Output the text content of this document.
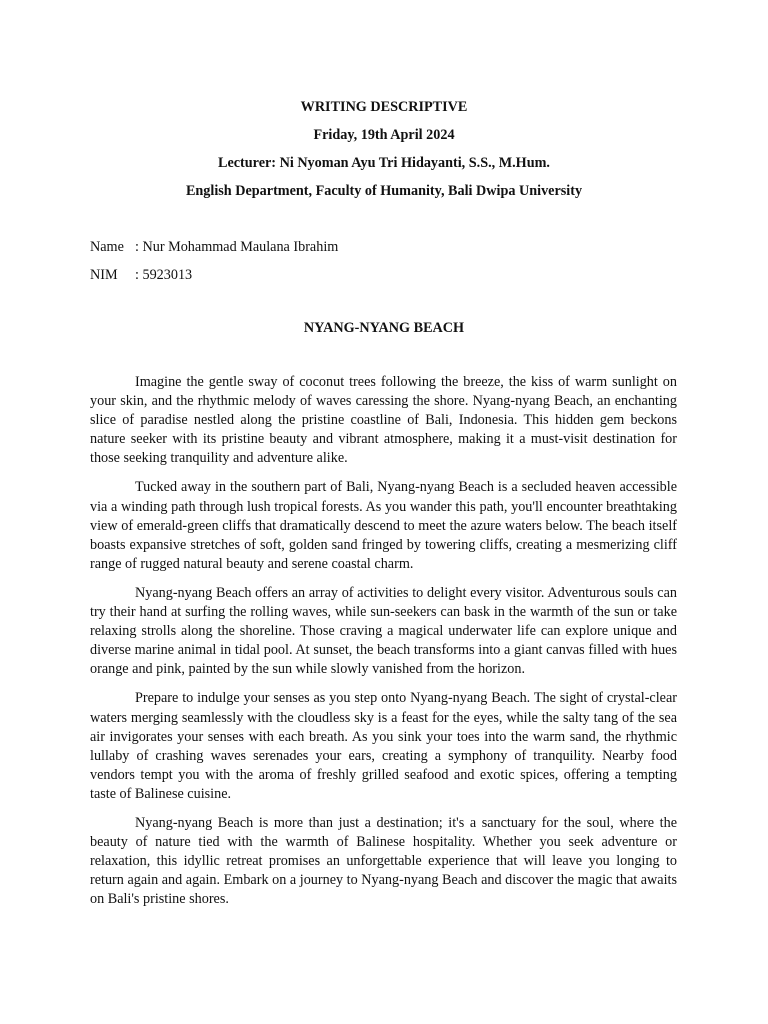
WRITING DESCRIPTIVE

Friday, 19th April 2024

Lecturer: Ni Nyoman Ayu Tri Hidayanti, S.S., M.Hum.

English Department, Faculty of Humanity, Bali Dwipa University

Name : Nur Mohammad Maulana Ibrahim
NIM	: 5923013
NYANG-NYANG BEACH

Imagine the gentle sway of coconut trees following the breeze, the kiss of warm sunlight on your skin, and the rhythmic melody of waves caressing the shore. Nyang-nyang Beach, an enchanting slice of paradise nestled along the pristine coastline of Bali, Indonesia. This hidden gem beckons nature seeker with its pristine beauty and vibrant atmosphere, making it a must-visit destination for those seeking tranquility and adventure alike.

Tucked away in the southern part of Bali, Nyang-nyang Beach is a secluded heaven accessible via a winding path through lush tropical forests. As you wander this path, you'll encounter breathtaking view of emerald-green cliffs that dramatically descend to meet the azure waters below. The beach itself boasts expansive stretches of soft, golden sand fringed by towering cliffs, creating a mesmerizing cliff range of rugged natural beauty and serene coastal charm.

Nyang-nyang Beach offers an array of activities to delight every visitor. Adventurous souls can try their hand at surfing the rolling waves, while sun-seekers can bask in the warmth of the sun or take relaxing strolls along the shoreline. Those craving a magical underwater life can explore unique and diverse marine animal in tidal pool. At sunset, the beach transforms into a giant canvas filled with hues orange and pink, painted by the sun while slowly vanished from the horizon.

Prepare to indulge your senses as you step onto Nyang-nyang Beach. The sight of crystal-clear waters merging seamlessly with the cloudless sky is a feast for the eyes, while the salty tang of the sea air invigorates your senses with each breath. As you sink your toes into the warm sand, the rhythmic lullaby of crashing waves serenades your ears, creating a symphony of tranquility. Nearby food vendors tempt you with the aroma of freshly grilled seafood and exotic spices, offering a tempting taste of Balinese cuisine.

Nyang-nyang Beach is more than just a destination; it's a sanctuary for the soul, where the beauty of nature tied with the warmth of Balinese hospitality. Whether you seek adventure or relaxation, this idyllic retreat promises an unforgettable experience that will leave you longing to return again and again. Embark on a journey to Nyang-nyang Beach and discover the magic that awaits on Bali's pristine shores.
